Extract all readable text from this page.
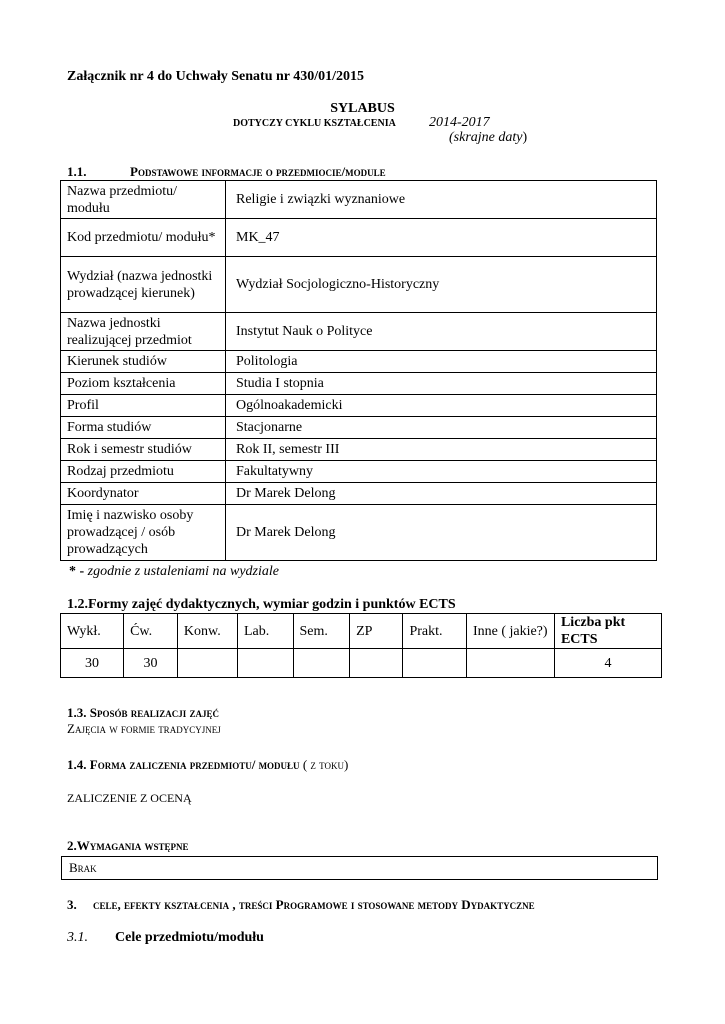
Załącznik nr 4 do Uchwały Senatu nr 430/01/2015
SYLABUS
DOTYCZY CYKLU KSZTAŁCENIA 2014-2017
(skrajne daty)
1.1.	Podstawowe informacje o przedmiocie/module
Nazwa przedmiotu/ modułu	Religie i związki wyznaniowe
Kod przedmiotu/ modułu*	MK_47
Wydział (nazwa jednostki prowadzącej kierunek)	Wydział Socjologiczno-Historyczny
Nazwa jednostki realizującej przedmiot	Instytut Nauk o Polityce
Kierunek studiów	Politologia
Poziom kształcenia	Studia I stopnia
Profil	Ogólnoakademicki
Forma studiów	Stacjonarne
Rok i semestr studiów	Rok II, semestr III
Rodzaj przedmiotu	Fakultatywny
Koordynator	Dr Marek Delong
Imię i nazwisko osoby prowadzącej / osób prowadzących	Dr Marek Delong
* - zgodnie z ustaleniami na wydziale
1.2.Formy zajęć dydaktycznych, wymiar godzin i punktów ECTS
Wykł.	Ćw.	Konw.	Lab.	Sem.	ZP	Prakt.	Inne ( jakie?)	Liczba pkt ECTS
30	30							4
1.3. Sposób realizacji zajęć
Zajęcia w formie tradycyjnej
1.4. Forma zaliczenia przedmiotu/ modułu ( z toku)
ZALICZENIE Z OCENĄ
2.Wymagania wstępne
Brak
3. cele, efekty kształcenia , treści Programowe i stosowane metody Dydaktyczne
3.1. Cele przedmiotu/modułu
